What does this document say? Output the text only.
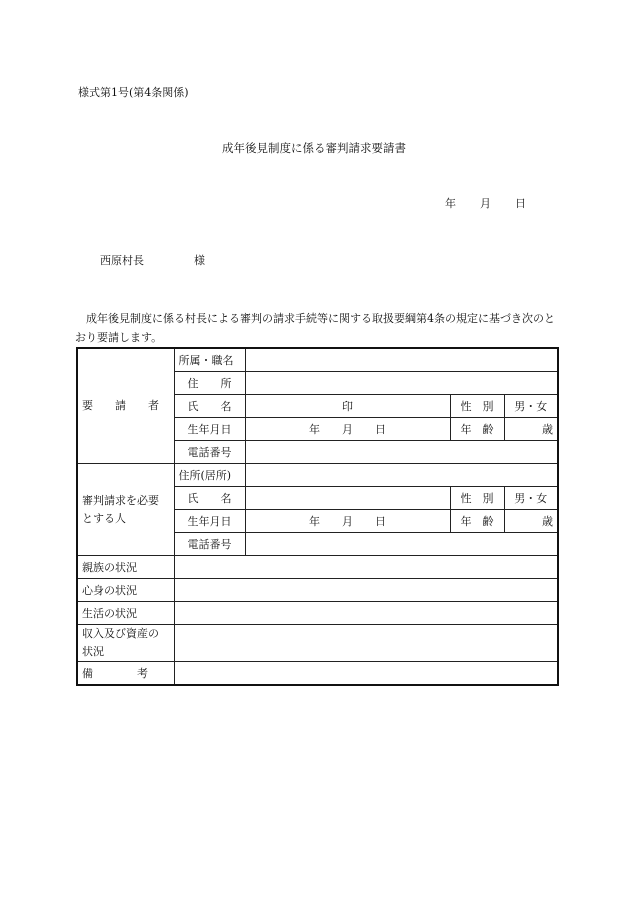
様式第1号(第4条関係)
成年後見制度に係る審判請求要請書
年 月 日
西原村長	様
成年後見制度に係る村長による審判の請求手続等に関する取扱要綱第4条の規定に基づき次のとおり要請します。
要　　請　　者	所属・職名			
	住　　所			
	氏　　名	印	性　別	男・女
	生年月日	年　　月　　日	年　齢	歳
	電話番号			
審判請求を必要とする人	住所(居所)			
	氏　　名		性　別	男・女
	生年月日	年　　月　　日	年　齢	歳
	電話番号			
親族の状況				
心身の状況				
生活の状況				
収入及び資産の状況				
備　　　　考				
